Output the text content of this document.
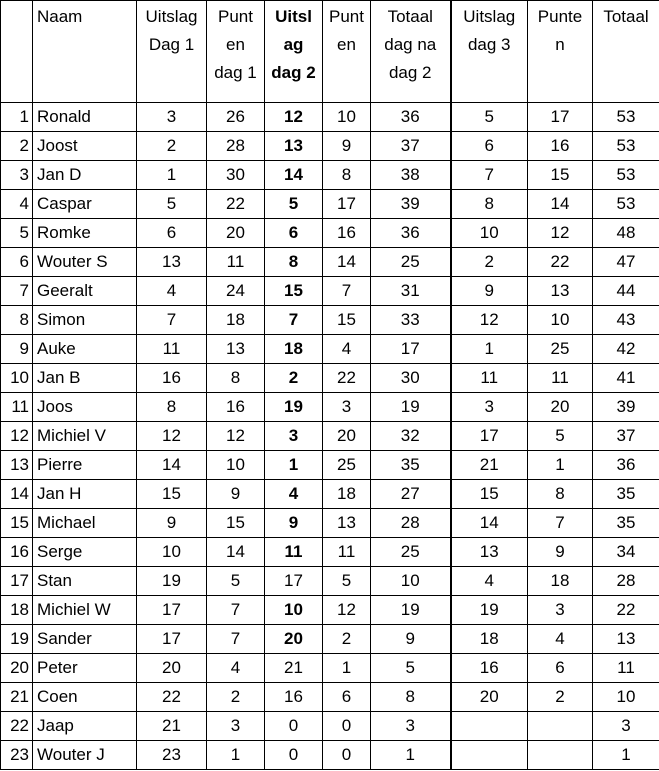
	Naam	Uitslag Dag 1	Punt en dag 1	Uitsl ag dag 2	Punt en	Totaal dag na dag 2	Uitslag dag 3	Punte n	Totaal
1	Ronald	3	26	12	10	36	5	17	53
2	Joost	2	28	13	9	37	6	16	53
3	Jan D	1	30	14	8	38	7	15	53
4	Caspar	5	22	5	17	39	8	14	53
5	Romke	6	20	6	16	36	10	12	48
6	Wouter S	13	11	8	14	25	2	22	47
7	Geeralt	4	24	15	7	31	9	13	44
8	Simon	7	18	7	15	33	12	10	43
9	Auke	11	13	18	4	17	1	25	42
10	Jan B	16	8	2	22	30	11	11	41
11	Joos	8	16	19	3	19	3	20	39
12	Michiel V	12	12	3	20	32	17	5	37
13	Pierre	14	10	1	25	35	21	1	36
14	Jan H	15	9	4	18	27	15	8	35
15	Michael	9	15	9	13	28	14	7	35
16	Serge	10	14	11	11	25	13	9	34
17	Stan	19	5	17	5	10	4	18	28
18	Michiel W	17	7	10	12	19	19	3	22
19	Sander	17	7	20	2	9	18	4	13
20	Peter	20	4	21	1	5	16	6	11
21	Coen	22	2	16	6	8	20	2	10
22	Jaap	21	3	0	0	3			3
23	Wouter J	23	1	0	0	1			1
